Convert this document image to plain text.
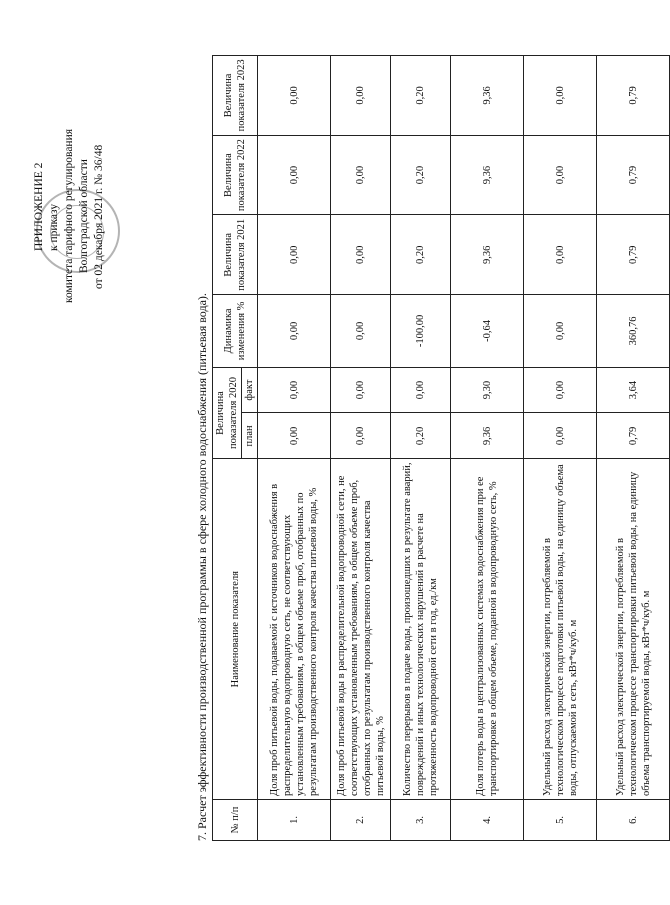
ПРИЛОЖЕНИЕ 2 к приказу комитета тарифного регулирования Волгоградской области от 02 декабря 2021 г. № 36/48
7. Расчет эффективности производственной программы в сфере холодного водоснабжения (питьевая вода). № п/п	Наименование показателя	Величина показателя 2020		Динамика изменения %	Величина показателя 2021	Величина показателя 2022	Величина показателя 2023
		план	факт				
1.	Доля проб питьевой воды, подаваемой с источников водоснабжения в распределительную водопроводную сеть, не соответствующих установленным требованиям, в общем объеме проб, отобранных по результатам производственного контроля качества питьевой воды, %	0,00	0,00	0,00	0,00	0,00	0,00
2.	Доля проб питьевой воды в распределительной водопроводной сети, не соответствующих установленным требованиям, в общем объеме проб, отобранных по результатам производственного контроля качества питьевой воды, %	0,00	0,00	0,00	0,00	0,00	0,00
3.	Количество перерывов в подаче воды, произошедших в результате аварий, повреждений и иных технологических нарушений в расчете на протяженность водопроводной сети в год, ед./км	0,20	0,00	-100,00	0,20	0,20	0,20
4.	Доля потерь воды в централизованных системах водоснабжения при ее транспортировке в общем объеме, поданной в водопроводную сеть, %	9,36	9,30	-0,64	9,36	9,36	9,36
5.	Удельный расход электрической энергии, потребляемой в технологическом процессе подготовки питьевой воды, на единицу объема воды, отпускаемой в сеть, кВт*ч/куб. м	0,00	0,00	0,00	0,00	0,00	0,00
6.	Удельный расход электрической энергии, потребляемой в технологическом процессе транспортировки питьевой воды, на единицу объема транспортируемой воды, кВт*ч/куб. м	0,79	3,64	360,76	0,79	0,79	0,79
